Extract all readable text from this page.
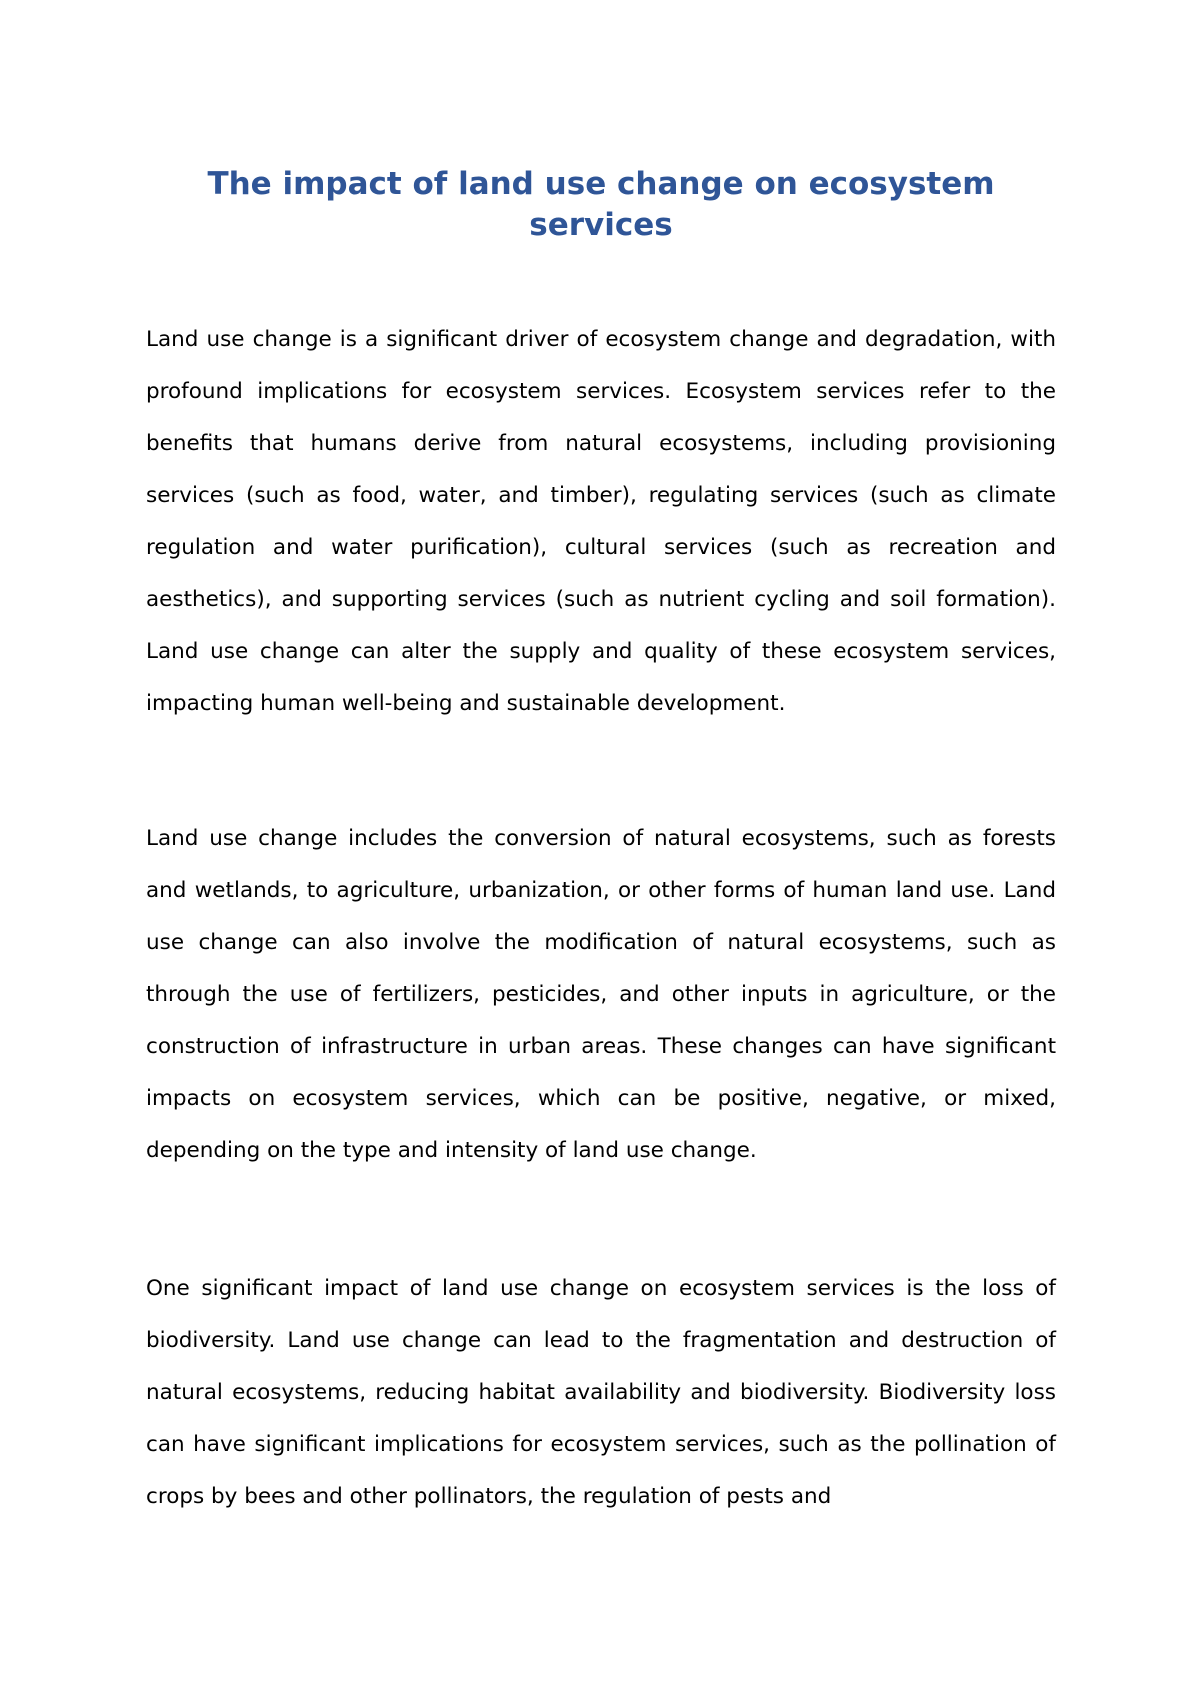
The impact of land use change on ecosystem services

Land use change is a significant driver of ecosystem change and degradation, with profound implications for ecosystem services. Ecosystem services refer to the benefits that humans derive from natural ecosystems, including provisioning services (such as food, water, and timber), regulating services (such as climate regulation and water purification), cultural services (such as recreation and aesthetics), and supporting services (such as nutrient cycling and soil formation). Land use change can alter the supply and quality of these ecosystem services, impacting human well-being and sustainable development.

Land use change includes the conversion of natural ecosystems, such as forests and wetlands, to agriculture, urbanization, or other forms of human land use. Land use change can also involve the modification of natural ecosystems, such as through the use of fertilizers, pesticides, and other inputs in agriculture, or the construction of infrastructure in urban areas. These changes can have significant impacts on ecosystem services, which can be positive, negative, or mixed, depending on the type and intensity of land use change.

One significant impact of land use change on ecosystem services is the loss of biodiversity. Land use change can lead to the fragmentation and destruction of natural ecosystems, reducing habitat availability and biodiversity. Biodiversity loss can have significant implications for ecosystem services, such as the pollination of crops by bees and other pollinators, the regulation of pests and
